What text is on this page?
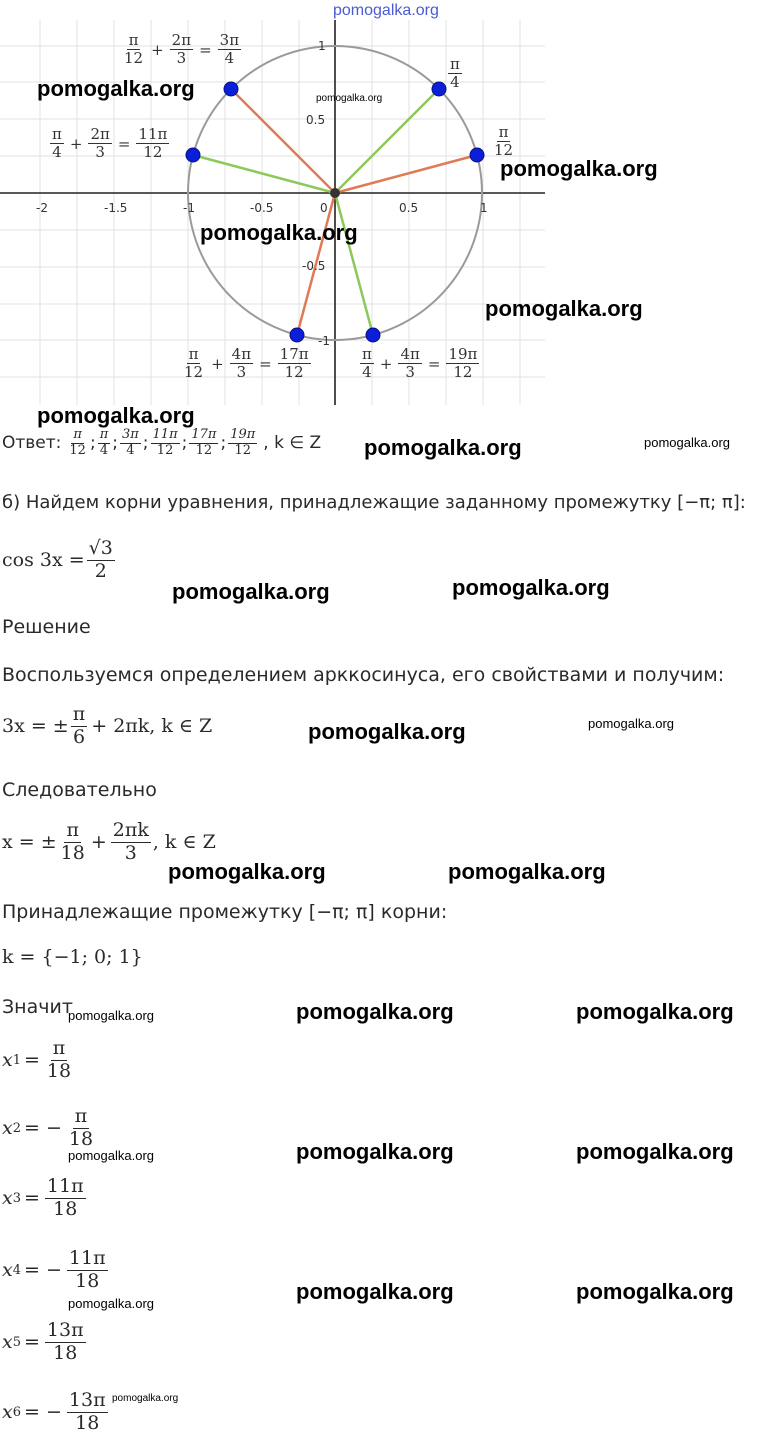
pomogalka.org
-2	-1.5	-1	-0.5	0	0.5	1
1
0.5
-0.5
-1
$\frac{\pi}{12} + \frac{2\pi}{3} = \frac{3\pi}{4}$
$\frac{\pi}{4}$
$\frac{\pi}{4} + \frac{2\pi}{3} = \frac{11\pi}{12}$	$\frac{\pi}{12}$
$\frac{\pi}{12} + \frac{4\pi}{3} = \frac{17\pi}{12}$	$\frac{\pi}{4} + \frac{4\pi}{3} = \frac{19\pi}{12}$
Ответ: $\frac{\pi}{12}$ ; $\frac{\pi}{4}$ ; $\frac{3\pi}{4}$ ; $\frac{11\pi}{12}$ ; $\frac{17\pi}{12}$ ; $\frac{19\pi}{12}$ , k ∈ Z
б) Найдем корни уравнения, принадлежащие заданному промежутку [−π; π]:
$\cos 3x = \frac{√3}{2}$
Решение
Воспользуемся определением арккосинуса, его свойствами и получим:
3x = ± $\frac{\pi}{6} + 2\pi k$, k ∈ Z
Следовательно
x = ± $\frac{\pi}{18} + \frac{2\pi k}{3}$ , k ∈ Z
Принадлежащие промежутку [−π; π] корни:
k = {−1; 0; 1}
Значит
x $1 = \frac{\pi}{18}$
x 2 = − $\frac{\pi}{18}$
x $3 = \frac{11\pi}{18}$
x 4 = − $\frac{11\pi}{18}$
x $5 = \frac{13\pi}{18}$
x 6 = − $\frac{13\pi}{18}$
pomogalka.org	pomogalka.org
pomogalka.org
pomogalka.org
pomogalka.org
pomogalka.org
pomogalka.org	pomogalka.org
pomogalka.org	pomogalka.org
pomogalka.org	pomogalka.org
pomogalka.org	pomogalka.org
pomogalka.org	pomogalka.org	pomogalka.org
pomogalka.org	pomogalka.org	pomogalka.org
pomogalka.org	pomogalka.org	pomogalka.org
pomogalka.org
